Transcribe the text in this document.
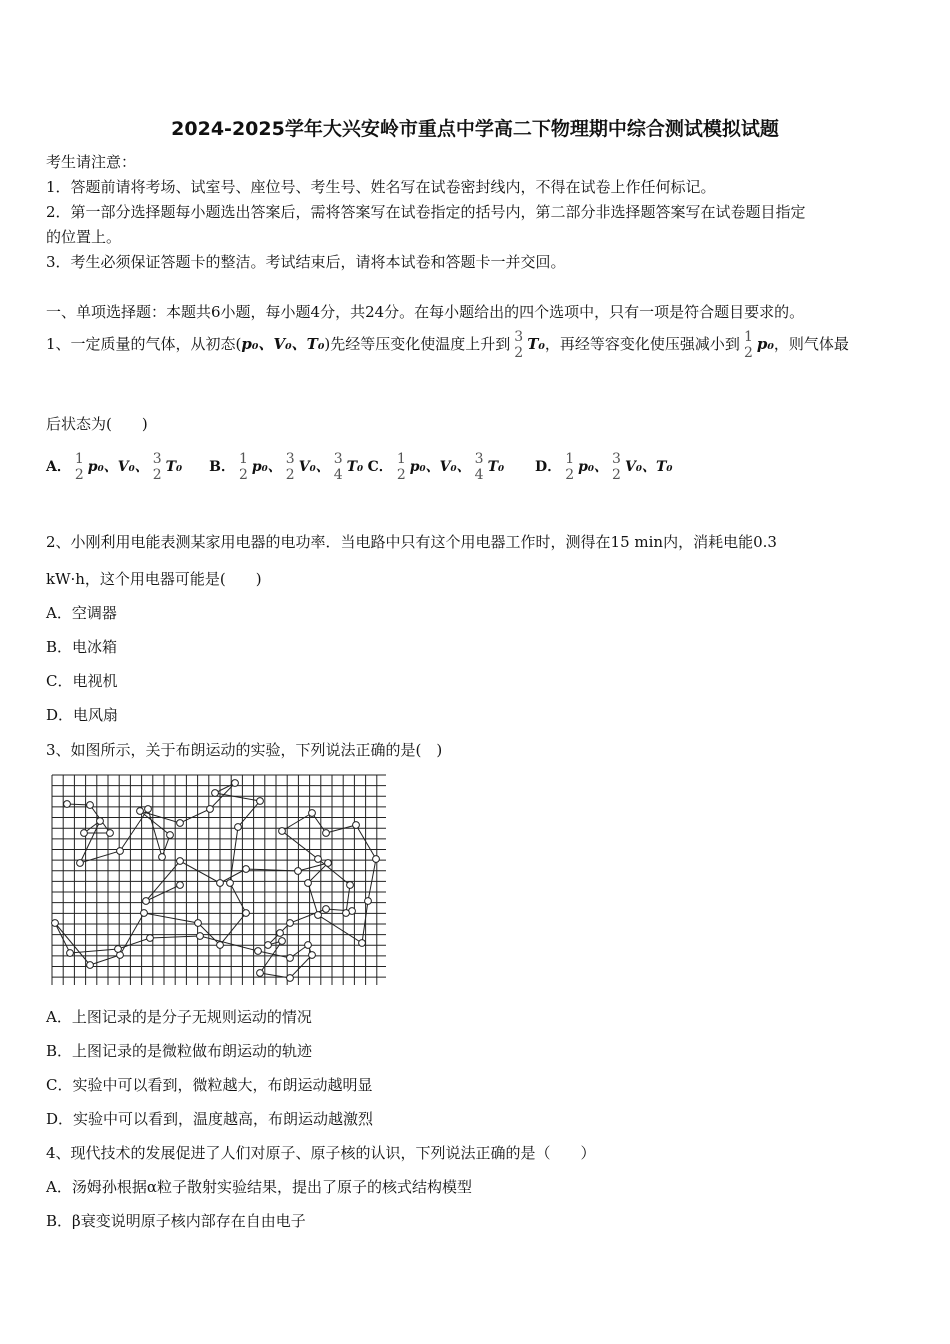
2024-2025学年大兴安岭市重点中学高二下物理期中综合测试模拟试题
考生请注意：
1．答题前请将考场、试室号、座位号、考生号、姓名写在试卷密封线内，不得在试卷上作任何标记。
2．第一部分选择题每小题选出答案后，需将答案写在试卷指定的括号内，第二部分非选择题答案写在试卷题目指定
的位置上。
3．考生必须保证答题卡的整洁。考试结束后，请将本试卷和答题卡一并交回。
一、单项选择题：本题共6小题，每小题4分，共24分。在每小题给出的四个选项中，只有一项是符合题目要求的。
1、一定质量的气体，从初态(p₀、V₀、T₀)先经等压变化使温度上升到 3
2 T₀，再经等容变化使压强减小到 1
2 p₀，则气体最
后状态为(　　)
A． 1
2 p₀、V₀、 3
2 T₀ B． 1
2 p₀、 3
2 V₀、 3
4 T₀ C． 1
2 p₀、V₀、 3
4 T₀ D． 1
2 p₀、 3
2 V₀、T₀
2、小刚利用电能表测某家用电器的电功率．当电路中只有这个用电器工作时，测得在15 min内，消耗电能0.3
kW·h，这个用电器可能是(　　)
A．空调器
B．电冰箱
C．电视机
D．电风扇
3、如图所示，关于布朗运动的实验，下列说法正确的是(　)
A．上图记录的是分子无规则运动的情况
B．上图记录的是微粒做布朗运动的轨迹
C．实验中可以看到，微粒越大，布朗运动越明显
D．实验中可以看到，温度越高，布朗运动越激烈
4、现代技术的发展促进了人们对原子、原子核的认识，下列说法正确的是（　　）
A．汤姆孙根据α粒子散射实验结果，提出了原子的核式结构模型
B．β衰变说明原子核内部存在自由电子
